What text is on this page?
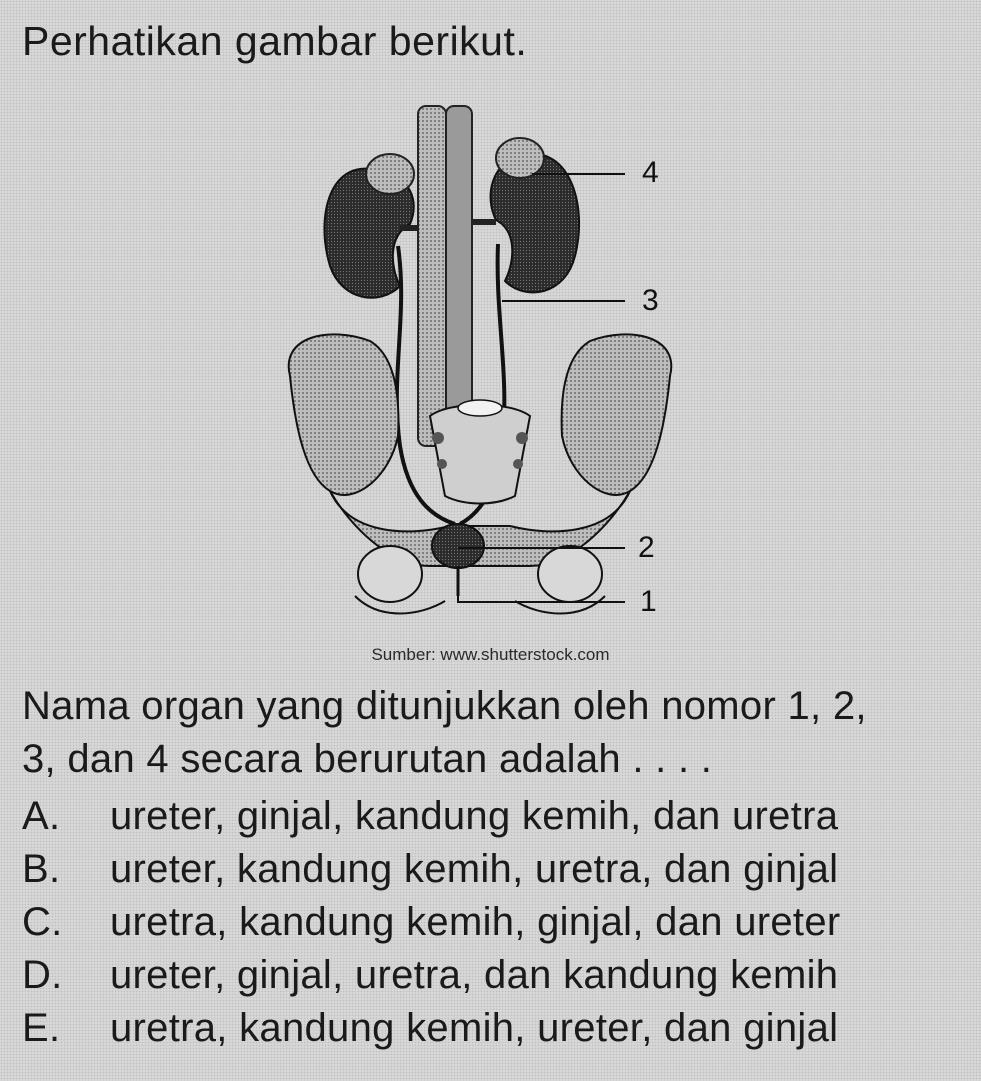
Perhatikan gambar berikut.
4
3
2
1
Sumber: www.shutterstock.com

Nama organ yang ditunjukkan oleh nomor 1, 2,
3, dan 4 secara berurutan adalah . . . .

A.	ureter, ginjal, kandung kemih, dan uretra
B.	ureter, kandung kemih, uretra, dan ginjal
C.	uretra, kandung kemih, ginjal, dan ureter
D.	ureter, ginjal, uretra, dan kandung kemih
E.	uretra, kandung kemih, ureter, dan ginjal
